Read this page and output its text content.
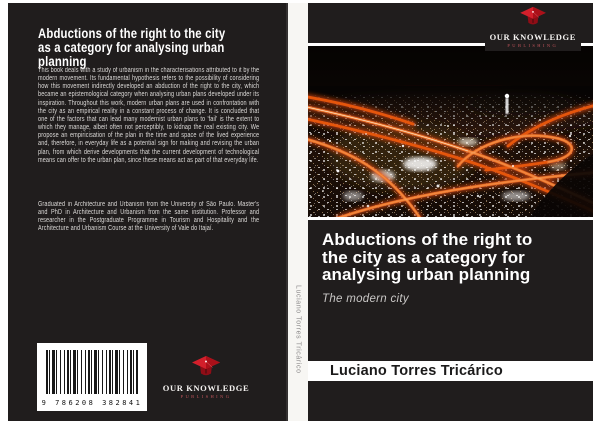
Abductions of the right to the city
as a category for analysing urban
planning

This book deals with a study of urbanism in the characterisations attributed to it by the modern movement. Its fundamental hypothesis refers to the possibility of considering how this movement indirectly developed an abduction of the right to the city, which became an epistemological category when analysing urban plans developed under its inspiration. Throughout this work, modern urban plans are used in confrontation with the city as an empirical reality in a constant process of change. It is concluded that one of the factors that can lead many modernist urban plans to 'fail' is the extent to which they manage, albeit often not perceptibly, to kidnap the real existing city. We propose an empiricisation of the plan in the time and space of the lived experience and, therefore, in everyday life as a potential sign for making and revising the urban plan, from which derive developments that the current development of technological means can offer to the urban plan, since these means act as part of that everyday life.

Graduated in Architecture and Urbanism from the University of São Paulo. Master's and PhD in Architecture and Urbanism from the same institution. Professor and researcher in the Postgraduate Programme in Tourism and Hospitality and the Architecture and Urbanism Course at the University of Vale do Itajaí.

9 786208 382841
OUR KNOWLEDGE
PUBLISHING
Luciano Torres Tricárico
OUR KNOWLEDGE
PUBLISHING
Abductions of the right to
the city as a category for
analysing urban planning
The modern city
Luciano Torres Tricárico
